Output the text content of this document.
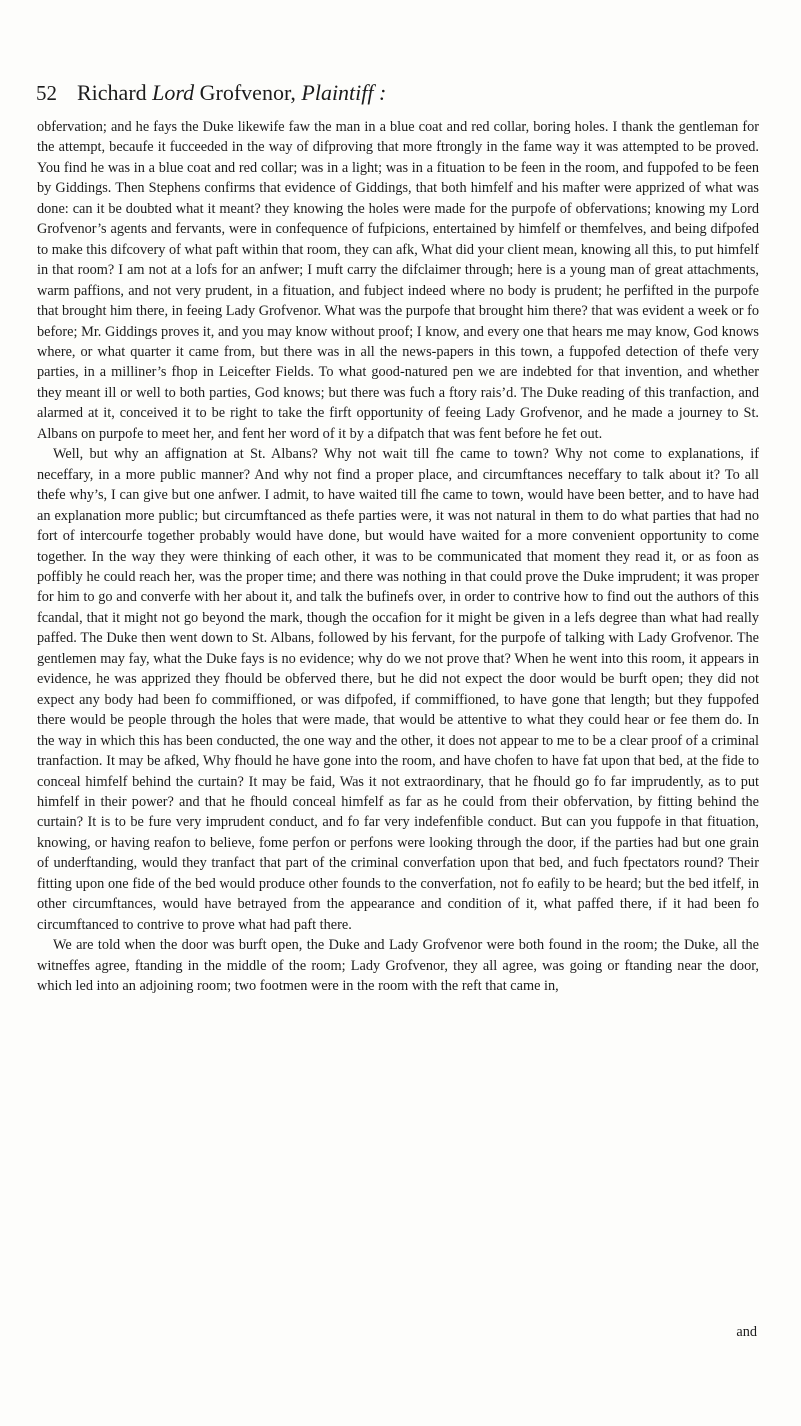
52 Richard Lord Grofvenor, Plaintiff :

obfervation; and he fays the Duke likewife faw the man in a blue coat and red collar, boring holes. I thank the gentleman for the attempt, becaufe it fucceeded in the way of difproving that more ftrongly in the fame way it was attempted to be proved. You find he was in a blue coat and red collar; was in a light; was in a fituation to be feen in the room, and fuppofed to be feen by Giddings. Then Stephens confirms that evidence of Giddings, that both himfelf and his mafter were apprized of what was done: can it be doubted what it meant? they knowing the holes were made for the purpofe of obfervations; knowing my Lord Grofvenor’s agents and fervants, were in confequence of fufpicions, entertained by himfelf or themfelves, and being difpofed to make this difcovery of what paft within that room, they can afk, What did your client mean, knowing all this, to put himfelf in that room? I am not at a lofs for an anfwer; I muft carry the difclaimer through; here is a young man of great attachments, warm paffions, and not very prudent, in a fituation, and fubject indeed where no body is prudent; he perfifted in the purpofe that brought him there, in feeing Lady Grofvenor. What was the purpofe that brought him there? that was evident a week or fo before; Mr. Giddings proves it, and you may know without proof; I know, and every one that hears me may know, God knows where, or what quarter it came from, but there was in all the news-papers in this town, a fuppofed detection of thefe very parties, in a milliner’s fhop in Leicefter Fields. To what good-natured pen we are indebted for that invention, and whether they meant ill or well to both parties, God knows; but there was fuch a ftory rais’d. The Duke reading of this tranfaction, and alarmed at it, conceived it to be right to take the firft opportunity of feeing Lady Grofvenor, and he made a journey to St. Albans on purpofe to meet her, and fent her word of it by a difpatch that was fent before he fet out.

Well, but why an affignation at St. Albans? Why not wait till fhe came to town? Why not come to explanations, if neceffary, in a more public manner? And why not find a proper place, and circumftances neceffary to talk about it? To all thefe why’s, I can give but one anfwer. I admit, to have waited till fhe came to town, would have been better, and to have had an explanation more public; but circumftanced as thefe parties were, it was not natural in them to do what parties that had no fort of intercourfe together probably would have done, but would have waited for a more convenient opportunity to come together. In the way they were thinking of each other, it was to be communicated that moment they read it, or as foon as poffibly he could reach her, was the proper time; and there was nothing in that could prove the Duke imprudent; it was proper for him to go and converfe with her about it, and talk the bufinefs over, in order to contrive how to find out the authors of this fcandal, that it might not go beyond the mark, though the occafion for it might be given in a lefs degree than what had really paffed. The Duke then went down to St. Albans, followed by his fervant, for the purpofe of talking with Lady Grofvenor. The gentlemen may fay, what the Duke fays is no evidence; why do we not prove that? When he went into this room, it appears in evidence, he was apprized they fhould be obferved there, but he did not expect the door would be burft open; they did not expect any body had been fo commiffioned, or was difpofed, if commiffioned, to have gone that length; but they fuppofed there would be people through the holes that were made, that would be attentive to what they could hear or fee them do. In the way in which this has been conducted, the one way and the other, it does not appear to me to be a clear proof of a criminal tranfaction. It may be afked, Why fhould he have gone into the room, and have chofen to have fat upon that bed, at the fide to conceal himfelf behind the curtain? It may be faid, Was it not extraordinary, that he fhould go fo far imprudently, as to put himfelf in their power? and that he fhould conceal himfelf as far as he could from their obfervation, by fitting behind the curtain? It is to be fure very imprudent conduct, and fo far very indefenfible conduct. But can you fuppofe in that fituation, knowing, or having reafon to believe, fome perfon or perfons were looking through the door, if the parties had but one grain of underftanding, would they tranfact that part of the criminal converfation upon that bed, and fuch fpectators round? Their fitting upon one fide of the bed would produce other founds to the converfation, not fo eafily to be heard; but the bed itfelf, in other circumftances, would have betrayed from the appearance and condition of it, what paffed there, if it had been fo circumftanced to contrive to prove what had paft there.

We are told when the door was burft open, the Duke and Lady Grofvenor were both found in the room; the Duke, all the witneffes agree, ftanding in the middle of the room; Lady Grofvenor, they all agree, was going or ftanding near the door, which led into an adjoining room; two footmen were in the room with the reft that came in,

and
